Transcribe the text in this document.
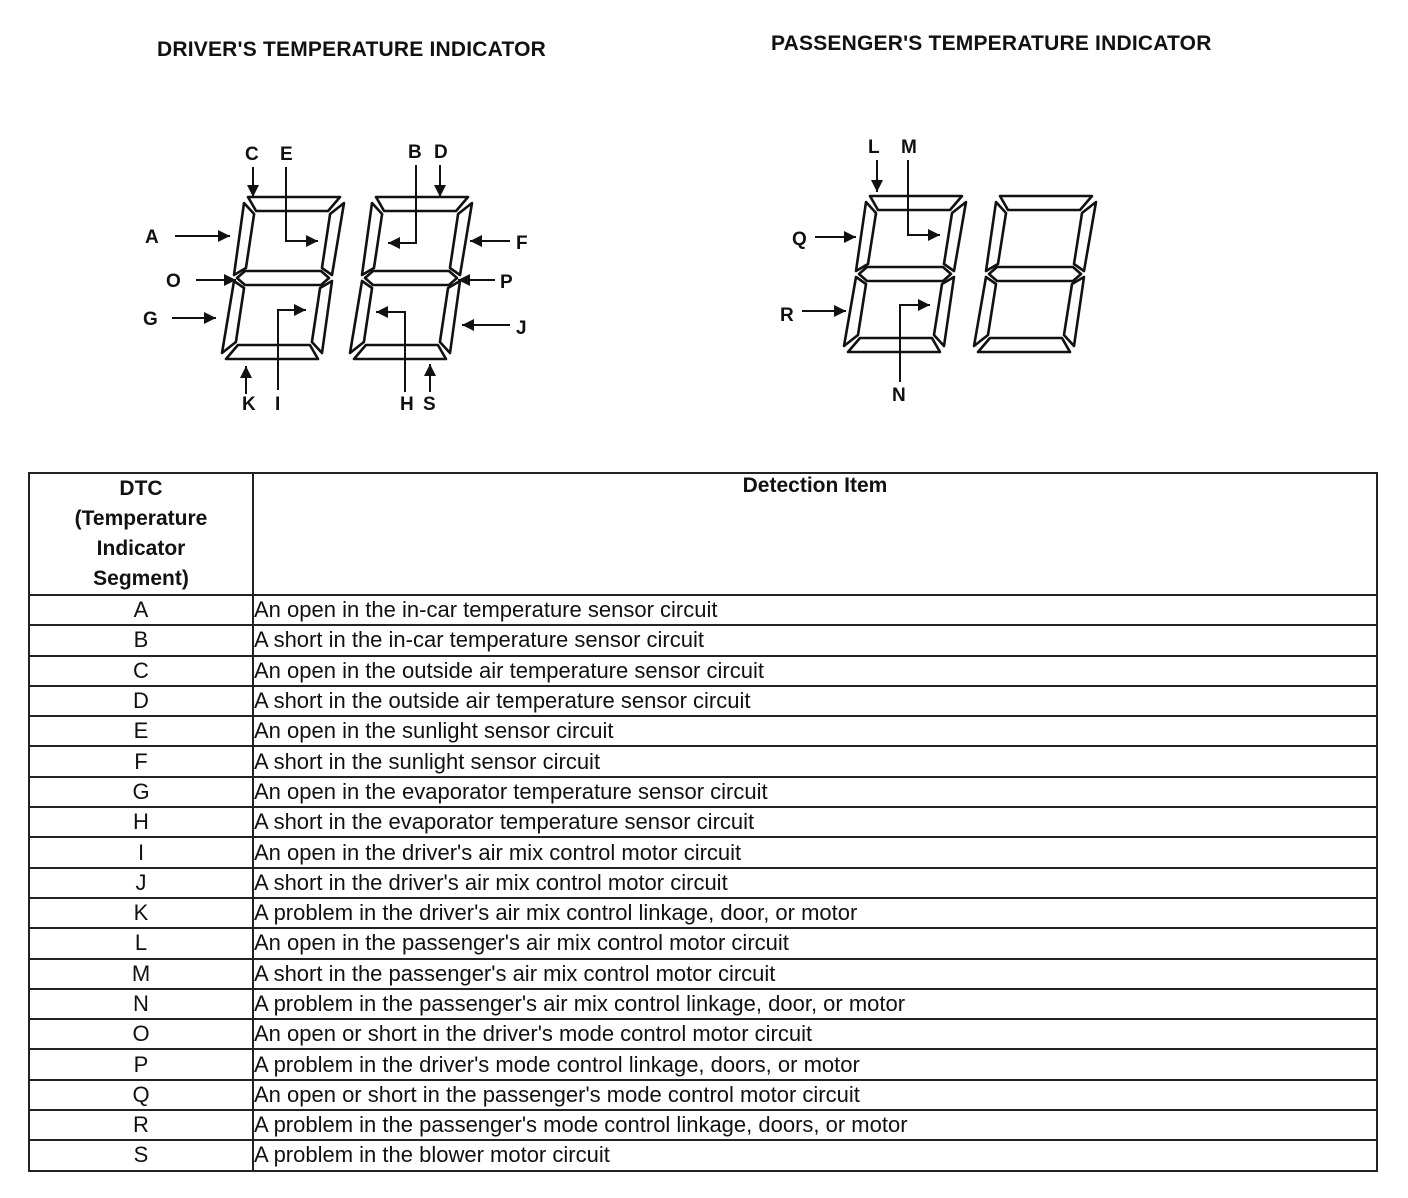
DRIVER'S TEMPERATURE INDICATOR	PASSENGER'S TEMPERATURE INDICATOR
C E	B D
A	F
O	P
G	J
K I	H S
L M
Q
R
N
DTC
(Temperature
Indicator
Segment)	Detection Item
A	An open in the in-car temperature sensor circuit
B	A short in the in-car temperature sensor circuit
C	An open in the outside air temperature sensor circuit
D	A short in the outside air temperature sensor circuit
E	An open in the sunlight sensor circuit
F	A short in the sunlight sensor circuit
G	An open in the evaporator temperature sensor circuit
H	A short in the evaporator temperature sensor circuit
I	An open in the driver's air mix control motor circuit
J	A short in the driver's air mix control motor circuit
K	A problem in the driver's air mix control linkage, door, or motor
L	An open in the passenger's air mix control motor circuit
M	A short in the passenger's air mix control motor circuit
N	A problem in the passenger's air mix control linkage, door, or motor
O	An open or short in the driver's mode control motor circuit
P	A problem in the driver's mode control linkage, doors, or motor
Q	An open or short in the passenger's mode control motor circuit
R	A problem in the passenger's mode control linkage, doors, or motor
S	A problem in the blower motor circuit
